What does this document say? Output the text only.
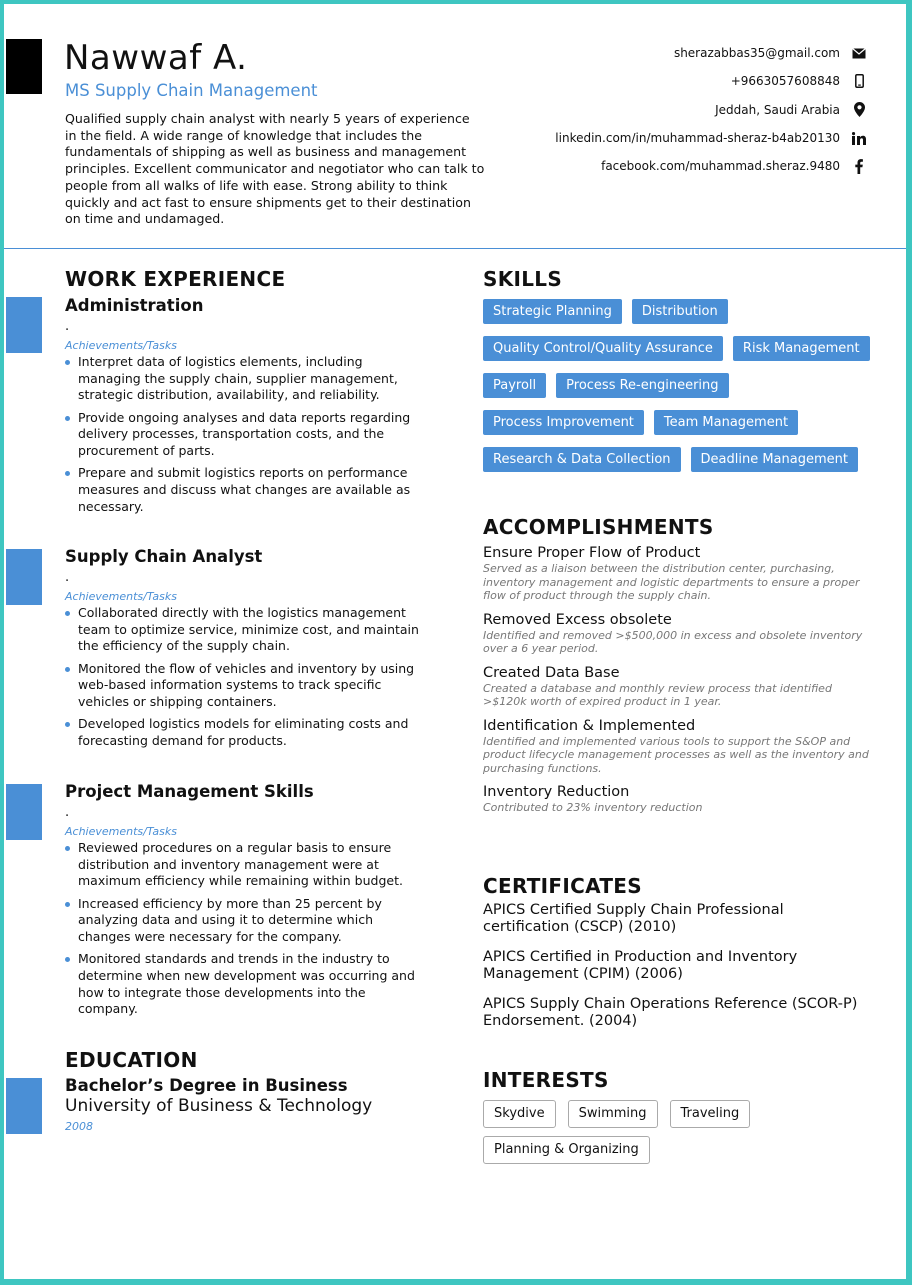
Nawwaf A.
MS Supply Chain Management
Qualified supply chain analyst with nearly 5 years of experience in the field. A wide range of knowledge that includes the fundamentals of shipping as well as business and management principles. Excellent communicator and negotiator who can talk to people from all walks of life with ease. Strong ability to think quickly and act fast to ensure shipments get to their destination on time and undamaged.
sherazabbas35@gmail.com
+9663057608848
Jeddah, Saudi Arabia
linkedin.com/in/muhammad-sheraz-b4ab20130
facebook.com/muhammad.sheraz.9480
WORK EXPERIENCE
Administration
.
Achievements/Tasks
Interpret data of logistics elements, including managing the supply chain, supplier management, strategic distribution, availability, and reliability.
Provide ongoing analyses and data reports regarding delivery processes, transportation costs, and the procurement of parts.
Prepare and submit logistics reports on performance measures and discuss what changes are available as necessary.
Supply Chain Analyst
.
Achievements/Tasks
Collaborated directly with the logistics management team to optimize service, minimize cost, and maintain the efficiency of the supply chain.
Monitored the flow of vehicles and inventory by using web-based information systems to track specific vehicles or shipping containers.
Developed logistics models for eliminating costs and forecasting demand for products.
Project Management Skills
.
Achievements/Tasks
Reviewed procedures on a regular basis to ensure distribution and inventory management were at maximum efficiency while remaining within budget.
Increased efficiency by more than 25 percent by analyzing data and using it to determine which changes were necessary for the company.
Monitored standards and trends in the industry to determine when new development was occurring and how to integrate those developments into the company.
EDUCATION
Bachelor’s Degree in Business
University of Business & Technology
2008
SKILLS
Strategic Planning	Distribution
Quality Control/Quality Assurance	Risk Management
Payroll	Process Re-engineering
Process Improvement	Team Management
Research & Data Collection	Deadline Management
ACCOMPLISHMENTS
Ensure Proper Flow of Product
Served as a liaison between the distribution center, purchasing, inventory management and logistic departments to ensure a proper flow of product through the supply chain.
Removed Excess obsolete
Identified and removed >$500,000 in excess and obsolete inventory over a 6 year period.
Created Data Base
Created a database and monthly review process that identified >$120k worth of expired product in 1 year.
Identification & Implemented
Identified and implemented various tools to support the S&OP and product lifecycle management processes as well as the inventory and purchasing functions.
Inventory Reduction
Contributed to 23% inventory reduction
CERTIFICATES
APICS Certified Supply Chain Professional certification (CSCP) (2010)
APICS Certified in Production and Inventory Management (CPIM) (2006)
APICS Supply Chain Operations Reference (SCOR-P) Endorsement. (2004)
INTERESTS
Skydive	Swimming	Traveling
Planning & Organizing
